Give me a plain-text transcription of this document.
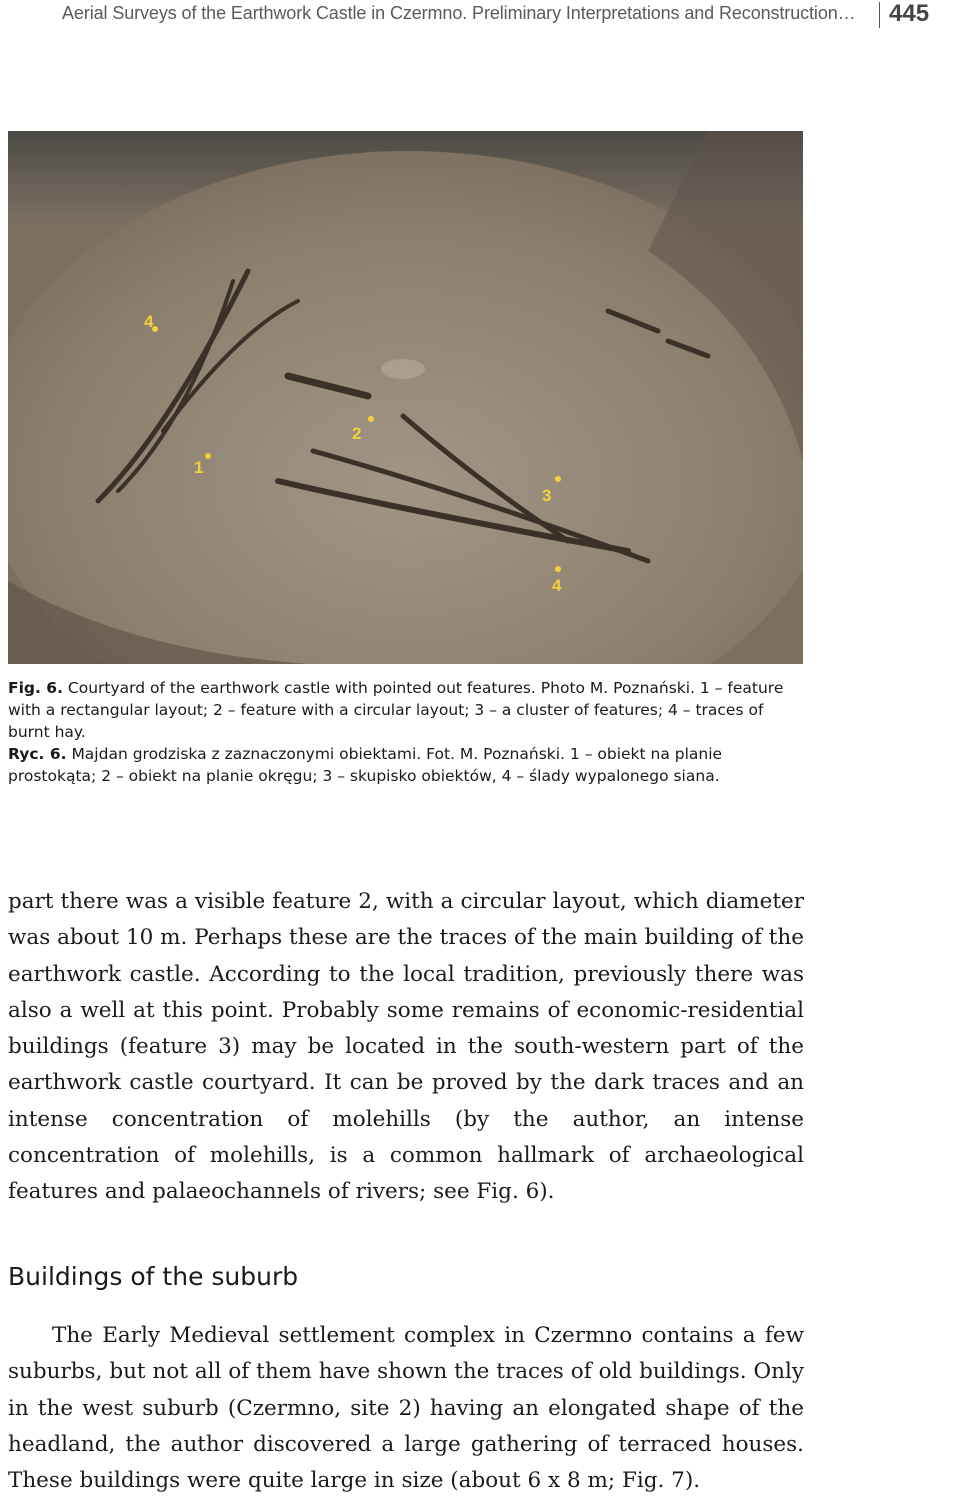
Aerial Surveys of the Earthwork Castle in Czermno. Preliminary Interpretations and Reconstruction… 445
1
2
3
4
4

Fig. 6. Courtyard of the earthwork castle with pointed out features. Photo M. Poznański. 1 – feature with a rectangular layout; 2 – feature with a circular layout; 3 – a cluster of features; 4 – traces of burnt hay.

Ryc. 6. Majdan grodziska z zaznaczonymi obiektami. Fot. M. Poznański. 1 – obiekt na planie prostokąta; 2 – obiekt na planie okręgu; 3 – skupisko obiektów, 4 – ślady wypalonego siana.

part there was a visible feature 2, with a circular layout, which diameter was about 10 m. Perhaps these are the traces of the main building of the earthwork castle. According to the local tradition, previously there was also a well at this point. Probably some remains of economic-residential buildings (feature 3) may be located in the south-western part of the earthwork castle courtyard. It can be proved by the dark traces and an intense concentration of molehills (by the author, an intense concentration of molehills, is a common hallmark of archaeological features and palaeochannels of rivers; see Fig. 6).
Buildings of the suburb
The Early Medieval settlement complex in Czermno contains a few suburbs, but not all of them have shown the traces of old buildings. Only in the west suburb (Czermno, site 2) having an elongated shape of the headland, the author discovered a large gathering of terraced houses. These buildings were quite large in size (about 6 x 8 m; Fig. 7).
